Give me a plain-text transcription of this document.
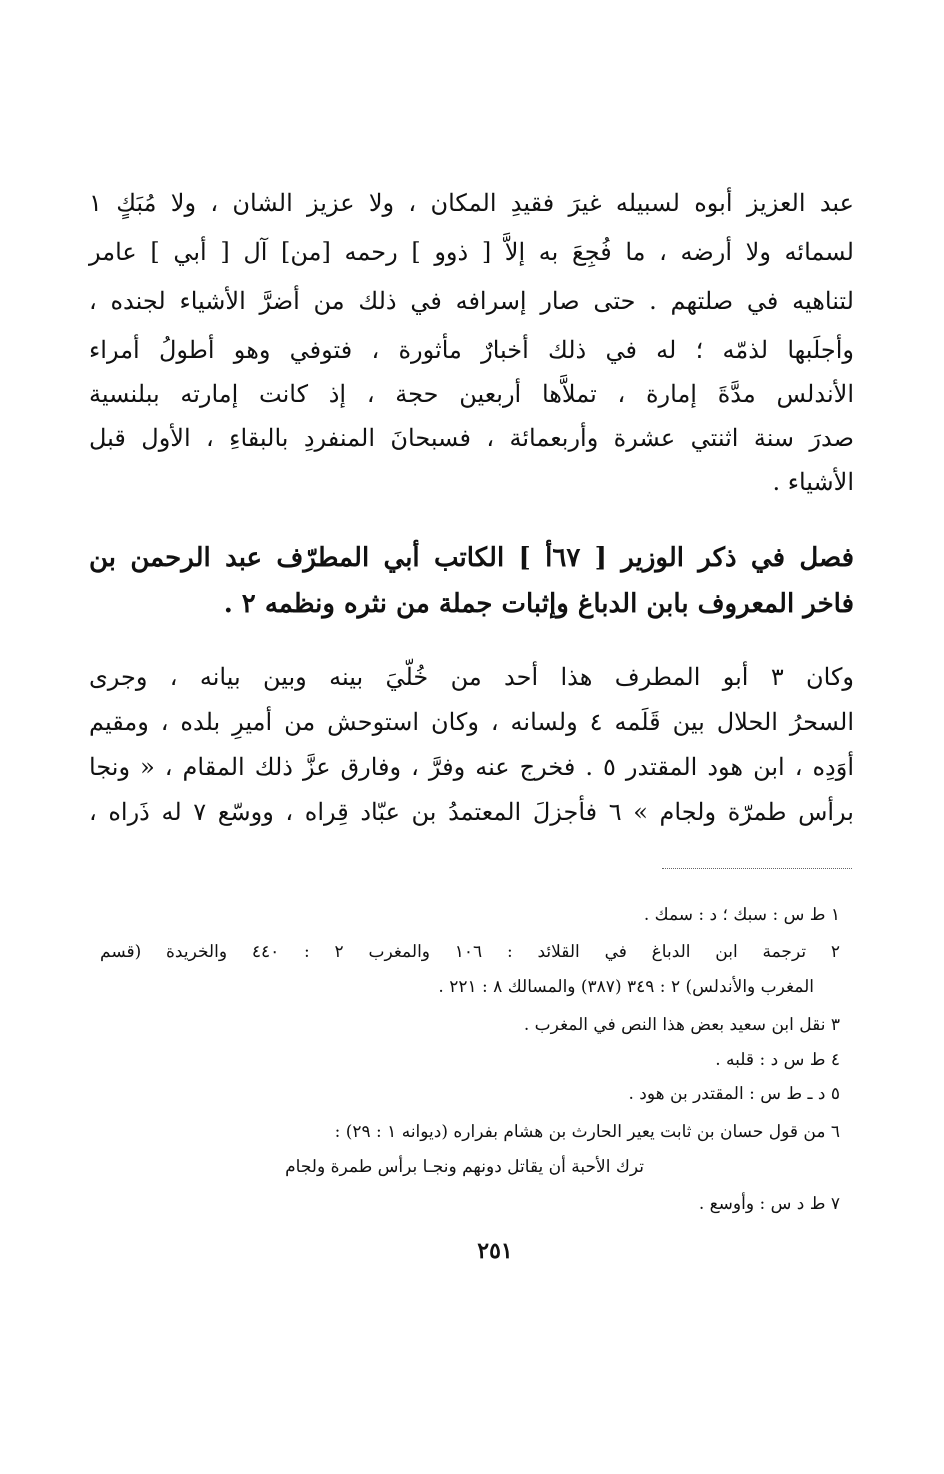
عبد العزيز أبوه لسبيله غيرَ فقيدِ المكان ، ولا عزيز الشان ، ولا مُبَكٍ ١
لسمائه ولا أرضه ، ما فُجِعَ به إلاَّ [ ذوو ] رحمه [من] آل [ أبي ] عامر
لتناهيه في صلتهم . حتى صار إسرافه في ذلك من أضرَّ الأشياء لجنده ،
وأجلَبها لذمّه ؛ له في ذلك أخبارٌ مأثورة ، فتوفي وهو أطولُ أمراء
الأندلس مدَّةَ إمارة ، تملاَّها أربعين حجة ، إذ كانت إمارته ببلنسية
صدرَ سنة اثنتي عشرة وأربعمائة ، فسبحانَ المنفردِ بالبقاءِ ، الأول قبل
الأشياء .
فصل في ذكر الوزير [ ٦٧أ ] الكاتب أبي المطرّف عبد الرحمن بن
فاخر المعروف بابن الدباغ وإثبات جملة من نثره ونظمه ٢ .
وكان ٣ أبو المطرف هذا أحد من خُلّيَ بينه وبين بيانه ، وجرى
السحرُ الحلال بين قَلَمه ٤ ولسانه ، وكان استوحش من أميرِ بلده ، ومقيم
أوَدِه ، ابن هود المقتدر ٥ . فخرج عنه وفرَّ ، وفارق عزَّ ذلك المقام ، « ونجا
برأس طمرّة ولجام » ٦ فأجزلَ المعتمدُ بن عبّاد قِراه ، ووسّع ٧ له ذَراه ،
١ ط س : سبك ؛ د : سمك .
٢ ترجمة ابن الدباغ في القلائد : ١٠٦ والمغرب ٢ : ٤٤٠ والخريدة (قسم
المغرب والأندلس) ٢ : ٣٤٩ (٣٨٧) والمسالك ٨ : ٢٢١ .
٣ نقل ابن سعيد بعض هذا النص في المغرب .
٤ ط س د : قلبه .
٥ د ـ ط س : المقتدر بن هود .
٦ من قول حسان بن ثابت يعير الحارث بن هشام بفراره (ديوانه ١ : ٢٩) :
ترك الأحبة أن يقاتل دونهم ونجـا برأس طمرة ولجام
٧ ط د س : وأوسع .
٢٥١
